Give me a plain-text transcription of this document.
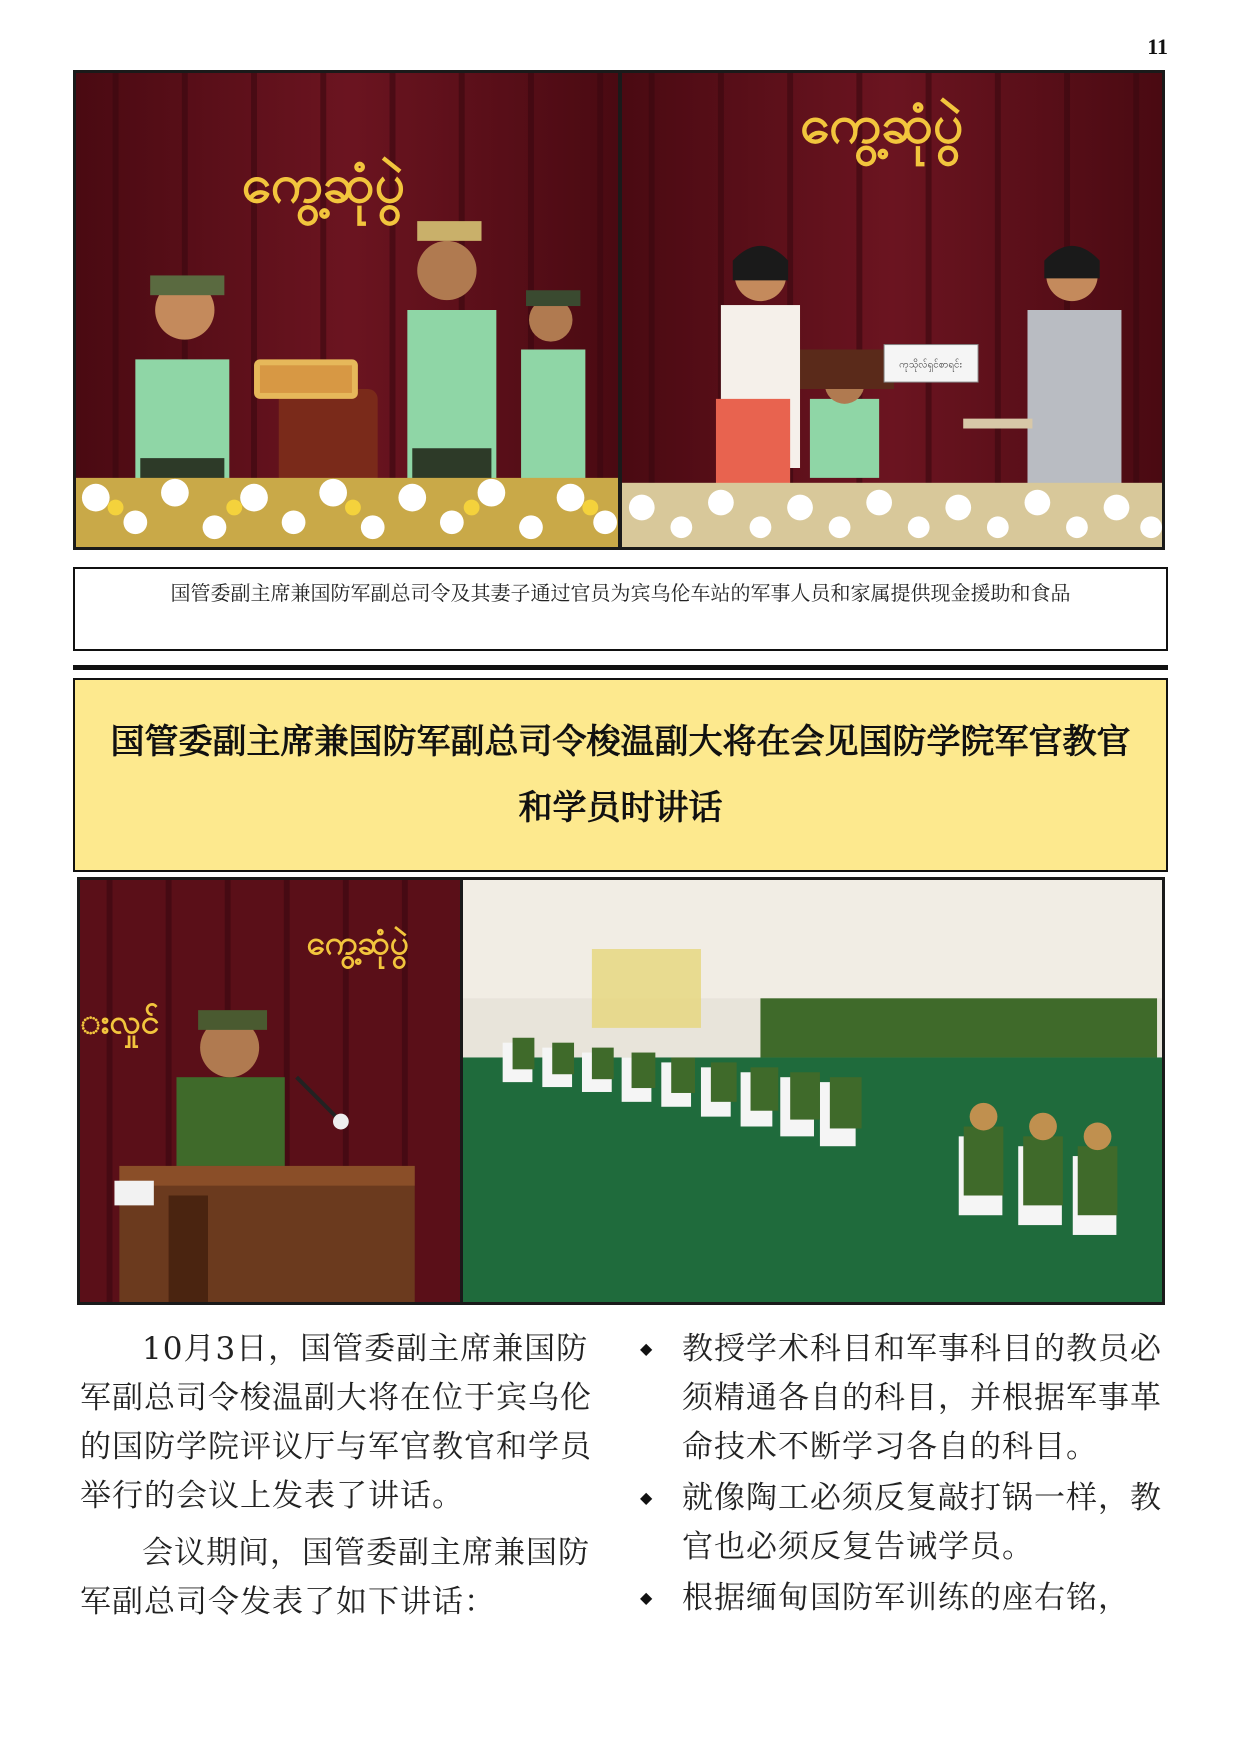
11
ကွေ့ဆုံပွဲ
ကွေ့ဆုံပွဲ
ကုသိုလ်ရှင်စာရင်း
国管委副主席兼国防军副总司令及其妻子通过官员为宾乌伦车站的军事人员和家属提供现金援助和食品
国管委副主席兼国防军副总司令梭温副大将在会见国防学院军官教官和学员时讲话
ကွေ့ဆုံပွဲ
းလှုင်

10月3日，国管委副主席兼国防军副总司令梭温副大将在位于宾乌伦的国防学院评议厅与军官教官和学员举行的会议上发表了讲话。

会议期间，国管委副主席兼国防军副总司令发表了如下讲话：

◆ 教授学术科目和军事科目的教员必须精通各自的科目，并根据军事革命技术不断学习各自的科目。
◆ 就像陶工必须反复敲打锅一样，教官也必须反复告诫学员。
◆ 根据缅甸国防军训练的座右铭，
